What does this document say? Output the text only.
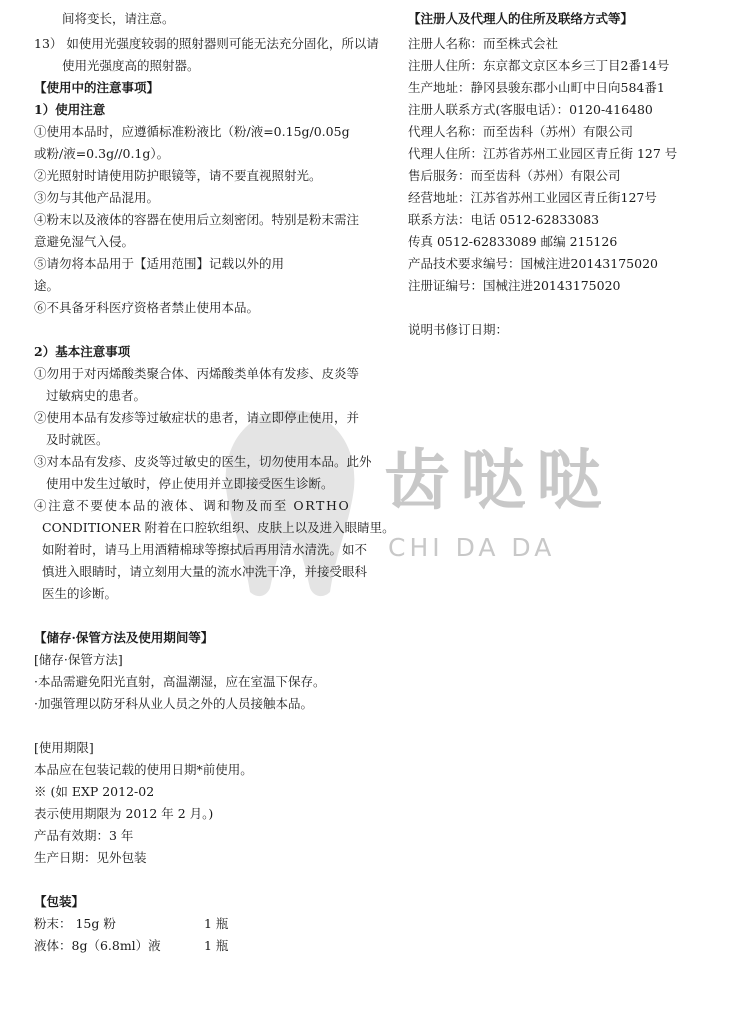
齿哒哒
CHI DA DA
间将变长，请注意。
13） 如使用光强度较弱的照射器则可能无法充分固化，所以请
使用光强度高的照射器。
【使用中的注意事项】
1）使用注意
①使用本品时，应遵循标准粉液比（粉/液=0.15g/0.05g
或粉/液=0.3g//0.1g）。
②光照射时请使用防护眼镜等，请不要直视照射光。
③勿与其他产品混用。
④粉末以及液体的容器在使用后立刻密闭。特别是粉末需注
意避免湿气入侵。
⑤请勿将本品用于【适用范围】记载以外的用
途。
⑥不具备牙科医疗资格者禁止使用本品。
2）基本注意事项
①勿用于对丙烯酸类聚合体、丙烯酸类单体有发疹、皮炎等
过敏病史的患者。
②使用本品有发疹等过敏症状的患者，请立即停止使用，并
及时就医。
③对本品有发疹、皮炎等过敏史的医生，切勿使用本品。此外
使用中发生过敏时，停止使用并立即接受医生诊断。
④注意不要使本品的液体、调和物及而至 ORTHO
CONDITIONER 附着在口腔软组织、皮肤上以及进入眼睛里。
如附着时，请马上用酒精棉球等擦拭后再用清水清洗。如不
慎进入眼睛时，请立刻用大量的流水冲洗干净，并接受眼科
医生的诊断。
【储存·保管方法及使用期间等】
[储存·保管方法]
·本品需避免阳光直射，高温潮湿，应在室温下保存。
·加强管理以防牙科从业人员之外的人员接触本品。
[使用期限]
本品应在包装记载的使用日期*前使用。
※ (如 EXP 2012-02
表示使用期限为 2012 年 2 月。)
产品有效期：3 年
生产日期：见外包装
【包装】
粉末： 15g 粉	1 瓶
液体：8g（6.8ml）液	1 瓶
【注册人及代理人的住所及联络方式等】
注册人名称：而至株式会社
注册人住所：东京都文京区本乡三丁目2番14号
生产地址：静冈县骏东郡小山町中日向584番1
注册人联系方式(客服电话）：0120-416480
代理人名称：而至齿科（苏州）有限公司
代理人住所：江苏省苏州工业园区青丘街 127 号
售后服务：而至齿科（苏州）有限公司
经营地址：江苏省苏州工业园区青丘街127号
联系方法：电话 0512-62833083
传真 0512-62833089 邮编 215126
产品技术要求编号：国械注进20143175020
注册证编号：国械注进20143175020
说明书修订日期：
